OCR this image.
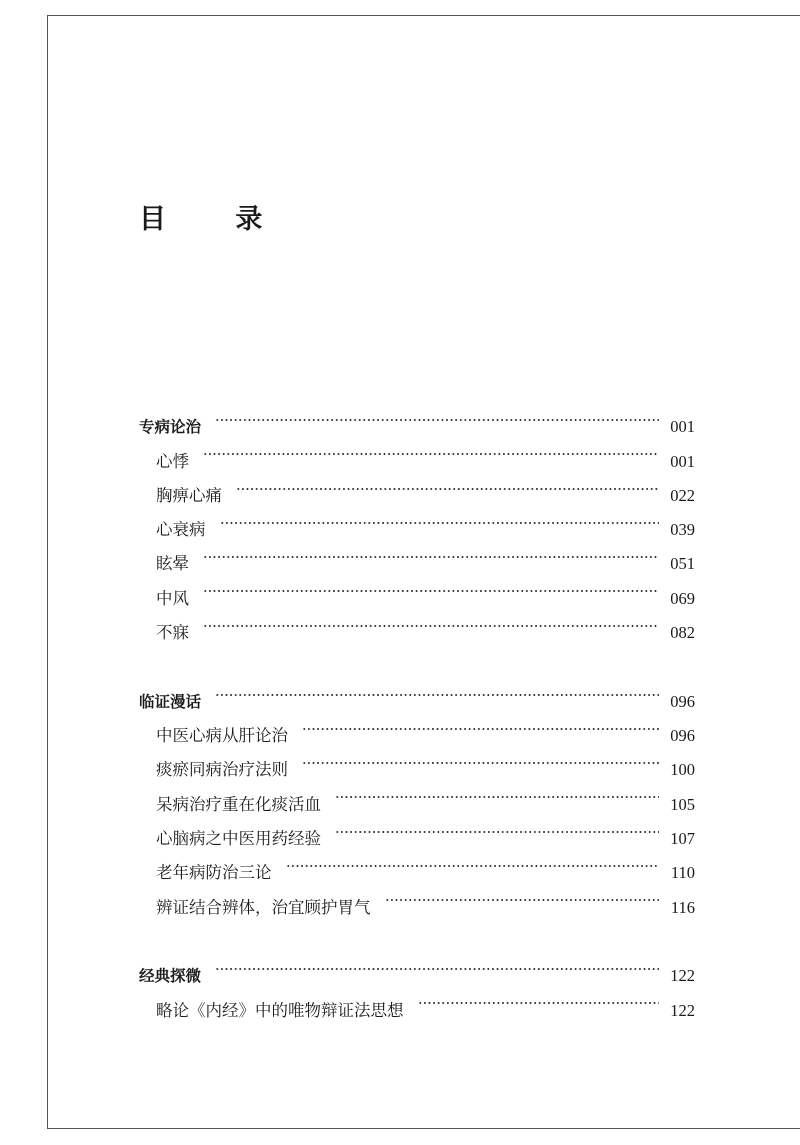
目 录
专病论治	001
心悸	001
胸痹心痛	022
心衰病	039
眩晕	051
中风	069
不寐	082
临证漫话	096
中医心病从肝论治	096
痰瘀同病治疗法则	100
呆病治疗重在化痰活血	105
心脑病之中医用药经验	107
老年病防治三论	110
辨证结合辨体，治宜顾护胃气	116
经典探微	122
略论《内经》中的唯物辩证法思想	122
